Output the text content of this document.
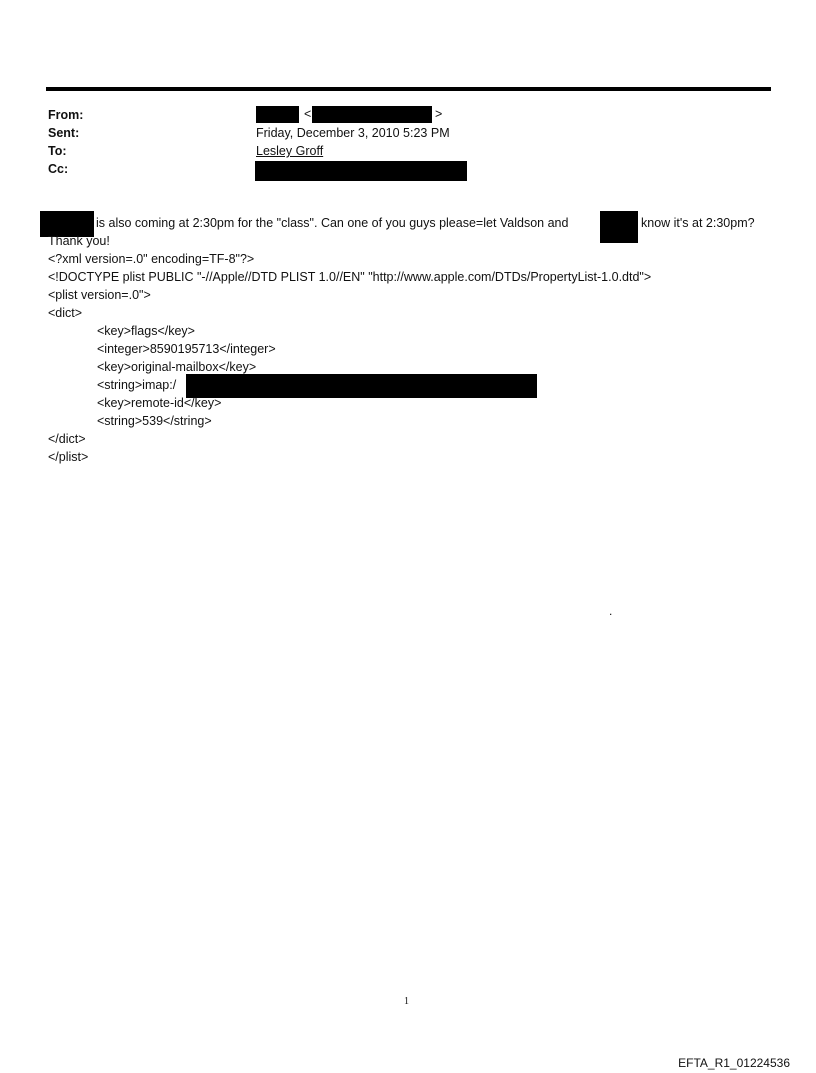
From:
Sent:
To:
Cc:
<	>
Friday, December 3, 2010 5:23 PM
Lesley Groff
is also coming at 2:30pm for the "class". Can one of you guys please=let Valdson and	know it's at 2:30pm?
Thank you!
<?xml version=.0" encoding=TF-8"?>
<!DOCTYPE plist PUBLIC "-//Apple//DTD PLIST 1.0//EN" "http://www.apple.com/DTDs/PropertyList-1.0.dtd">
<plist version=.0">
<dict>
<key>flags</key>
<integer>8590195713</integer>
<key>original-mailbox</key>
<string>imap:/
<key>remote-id</key>
<string>539</string>
</dict>
</plist>
.
1
EFTA_R1_01224536
